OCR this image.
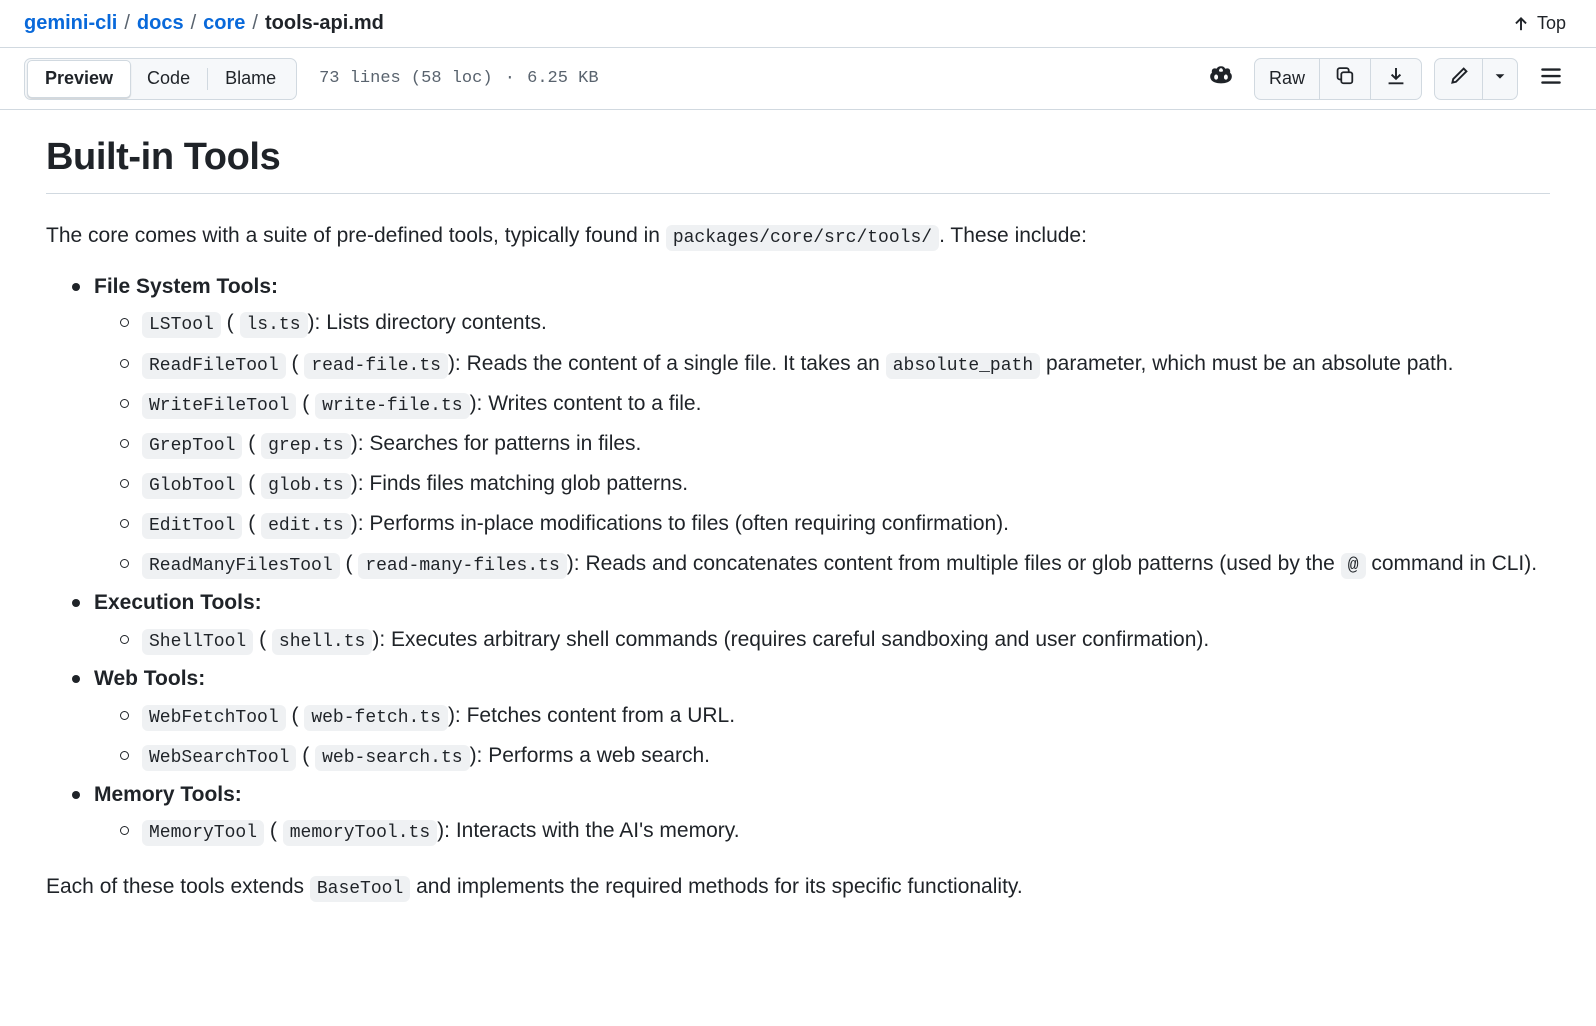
gemini-cli / docs / core / tools-api.md	Top
Preview Code Blame	73 lines (58 loc) · 6.25 KB	Raw
Built-in Tools

The core comes with a suite of pre-defined tools, typically found in packages/core/src/tools/ . These include:

File System Tools:
LSTool ( ls.ts ): Lists directory contents.
ReadFileTool ( read-file.ts ): Reads the content of a single file. It takes an absolute_path parameter, which must be an absolute path.
WriteFileTool ( write-file.ts ): Writes content to a file.
GrepTool ( grep.ts ): Searches for patterns in files.
GlobTool ( glob.ts ): Finds files matching glob patterns.
EditTool ( edit.ts ): Performs in-place modifications to files (often requiring confirmation).
ReadManyFilesTool ( read-many-files.ts ): Reads and concatenates content from multiple files or glob patterns (used by the @ command in CLI).
Execution Tools:
ShellTool ( shell.ts ): Executes arbitrary shell commands (requires careful sandboxing and user confirmation).
Web Tools:
WebFetchTool ( web-fetch.ts ): Fetches content from a URL.
WebSearchTool ( web-search.ts ): Performs a web search.
Memory Tools:
MemoryTool ( memoryTool.ts ): Interacts with the AI's memory.

Each of these tools extends BaseTool and implements the required methods for its specific functionality.
